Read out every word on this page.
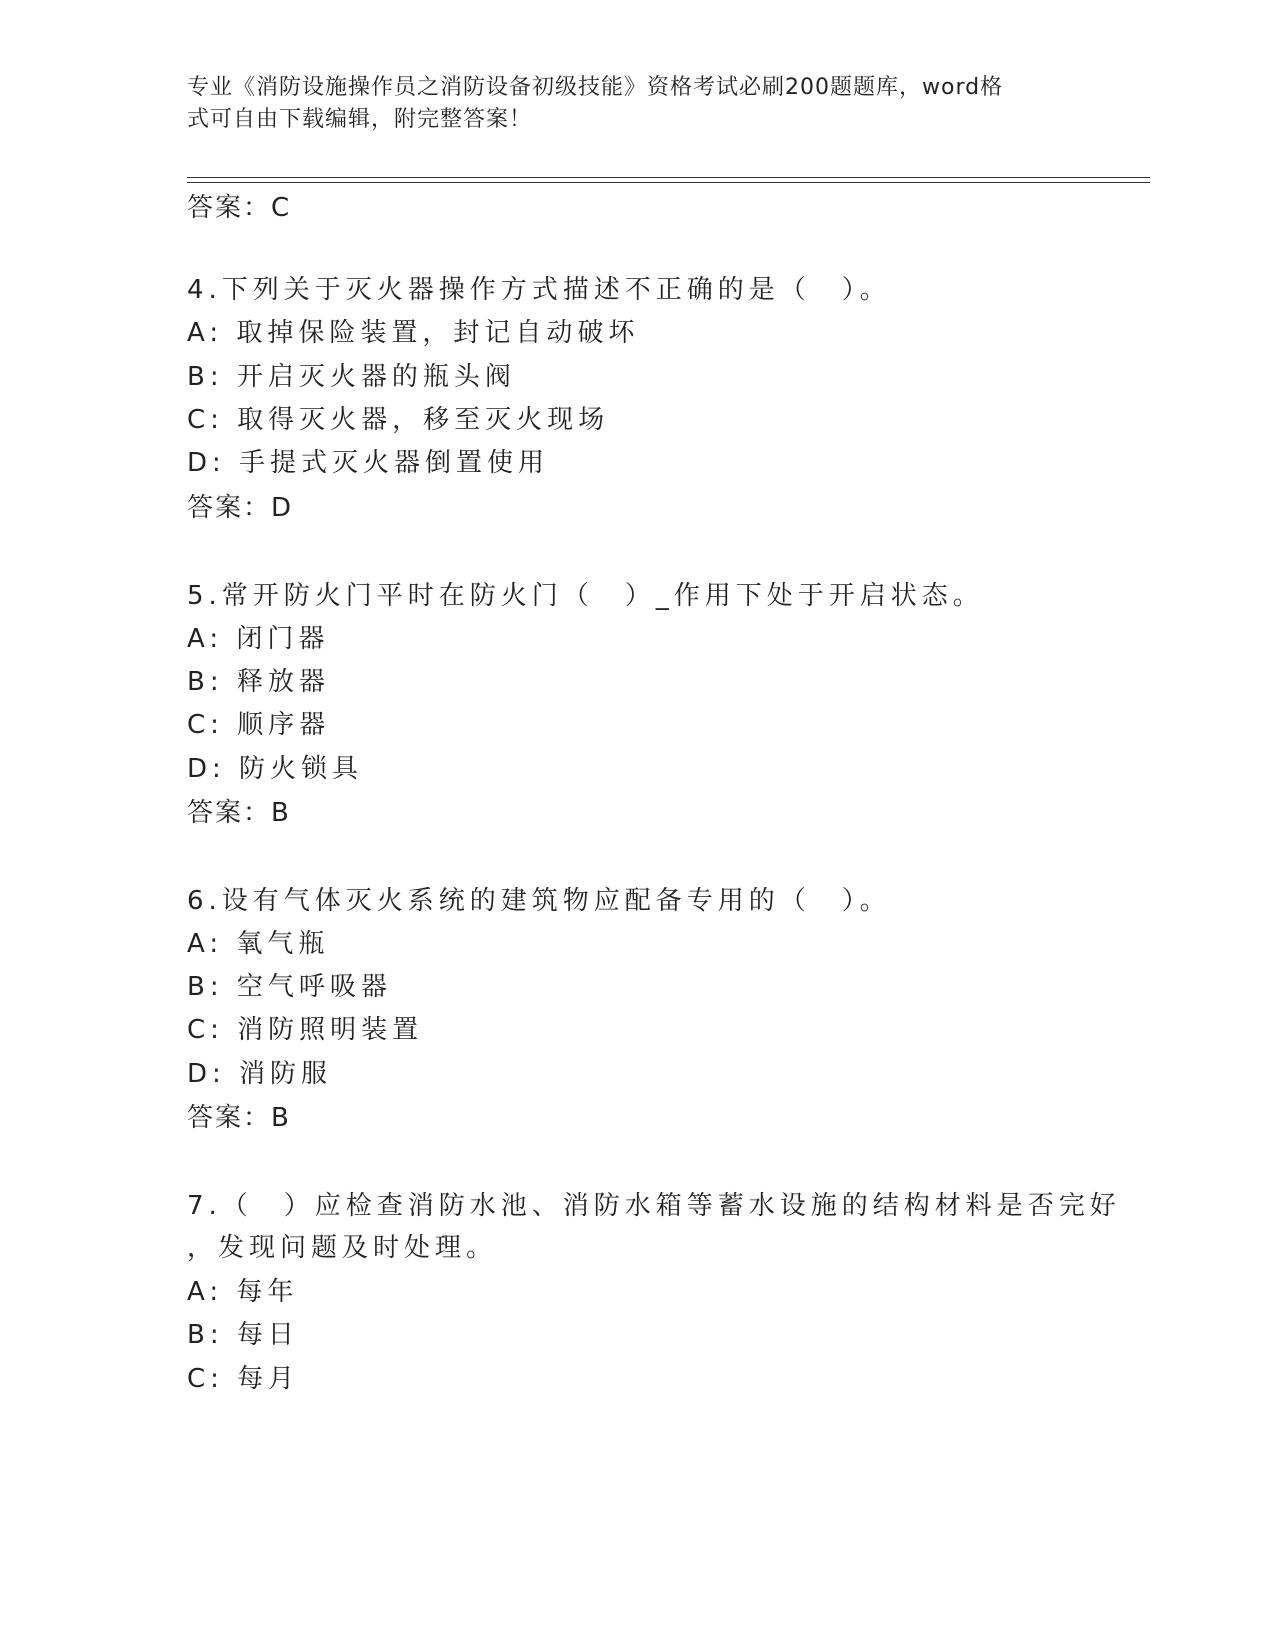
专业《消防设施操作员之消防设备初级技能》资格考试必刷200题题库，word格
式可自由下载编辑，附完整答案！
答案：C
4.下列关于灭火器操作方式描述不正确的是（　）。
A: 取掉保险装置，封记自动破坏
B: 开启灭火器的瓶头阀
C: 取得灭火器，移至灭火现场
D: 手提式灭火器倒置使用
答案：D
5.常开防火门平时在防火门（　）_作用下处于开启状态。
A: 闭门器
B: 释放器
C: 顺序器
D: 防火锁具
答案：B
6.设有气体灭火系统的建筑物应配备专用的（　）。
A: 氧气瓶
B: 空气呼吸器
C: 消防照明装置
D: 消防服
答案：B
7.（　）应检查消防水池、消防水箱等蓄水设施的结构材料是否完好
，发现问题及时处理。
A: 每年
B: 每日
C: 每月
